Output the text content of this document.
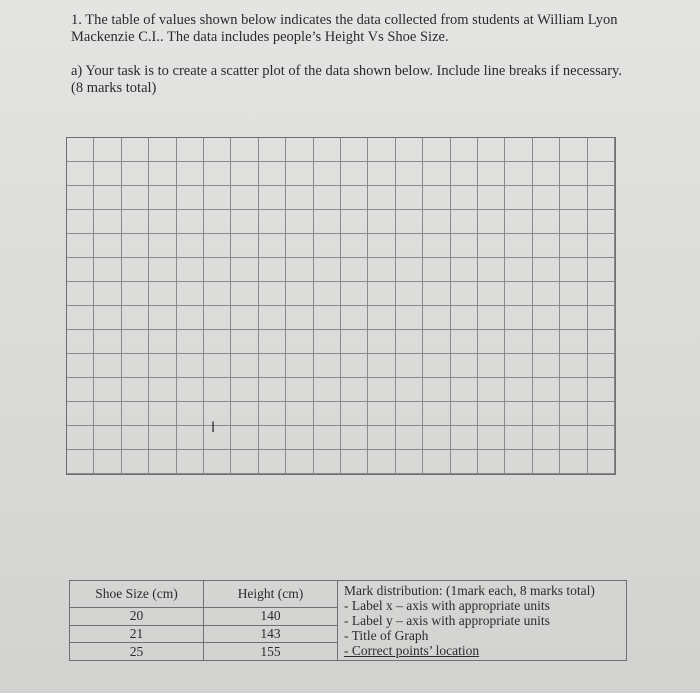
1. The table of values shown below indicates the data collected from students at William Lyon Mackenzie C.I.. The data includes people’s Height Vs Shoe Size.

a) Your task is to create a scatter plot of the data shown below. Include line breaks if necessary.

(8 marks total)

I
Shoe Size (cm)	Height (cm)	Mark distribution: (1mark each, 8 marks total)
- Label x – axis with appropriate units
- Label y – axis with appropriate units
- Title of Graph
- Correct points’ location

20	140	
21	143	
25	155	
